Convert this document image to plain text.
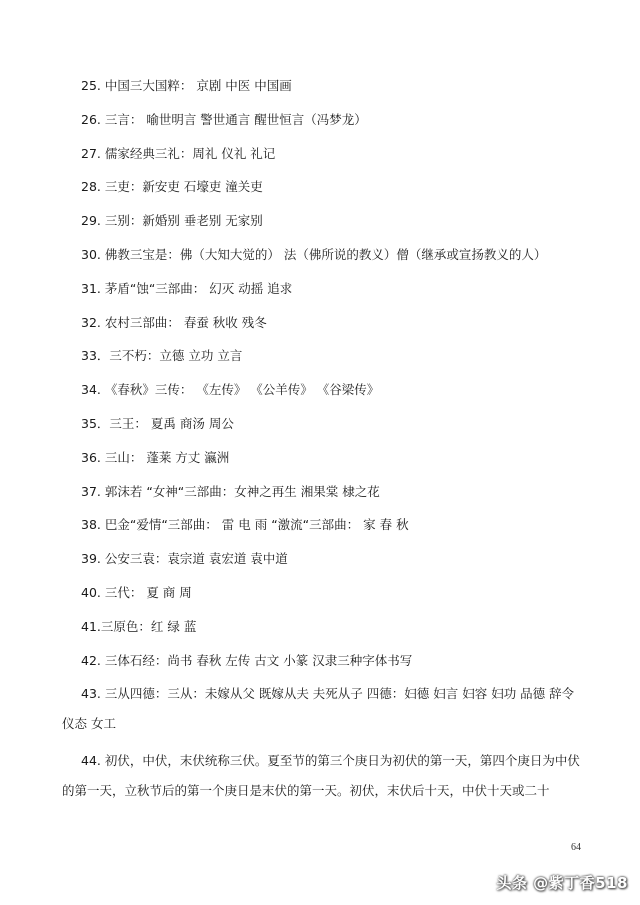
25. 中国三大国粹： 京剧 中医 中国画
26. 三言： 喻世明言 警世通言 醒世恒言（冯梦龙）
27. 儒家经典三礼：周礼 仪礼 礼记
28. 三吏：新安吏 石壕吏 潼关吏
29. 三别：新婚别 垂老别 无家别
30. 佛教三宝是：佛（大知大觉的） 法（佛所说的教义）僧（继承或宣扬教义的人）
31. 茅盾“蚀“三部曲： 幻灭 动摇 追求
32. 农村三部曲： 春蚕 秋收 残冬
33．三不朽：立德 立功 立言
34. 《春秋》三传： 《左传》 《公羊传》 《谷梁传》
35．三王： 夏禹 商汤 周公
36. 三山： 蓬莱 方丈 瀛洲
37. 郭沫若 “女神“三部曲：女神之再生 湘果棠 棣之花
38. 巴金“爱情“三部曲： 雷 电 雨 “激流“三部曲： 家 春 秋
39. 公安三袁：袁宗道 袁宏道 袁中道
40. 三代： 夏 商 周
41.三原色：红 绿 蓝
42. 三体石经：尚书 春秋 左传 古文 小篆 汉隶三种字体书写
43. 三从四德：三从：未嫁从父 既嫁从夫 夫死从子 四德：妇德 妇言 妇容 妇功 品德 辞令 仪态 女工
44. 初伏，中伏，末伏统称三伏。夏至节的第三个庚日为初伏的第一天，第四个庚日为中伏的第一天，立秋节后的第一个庚日是末伏的第一天。初伏，末伏后十天，中伏十天或二十
64
头条 @紫丁香518
